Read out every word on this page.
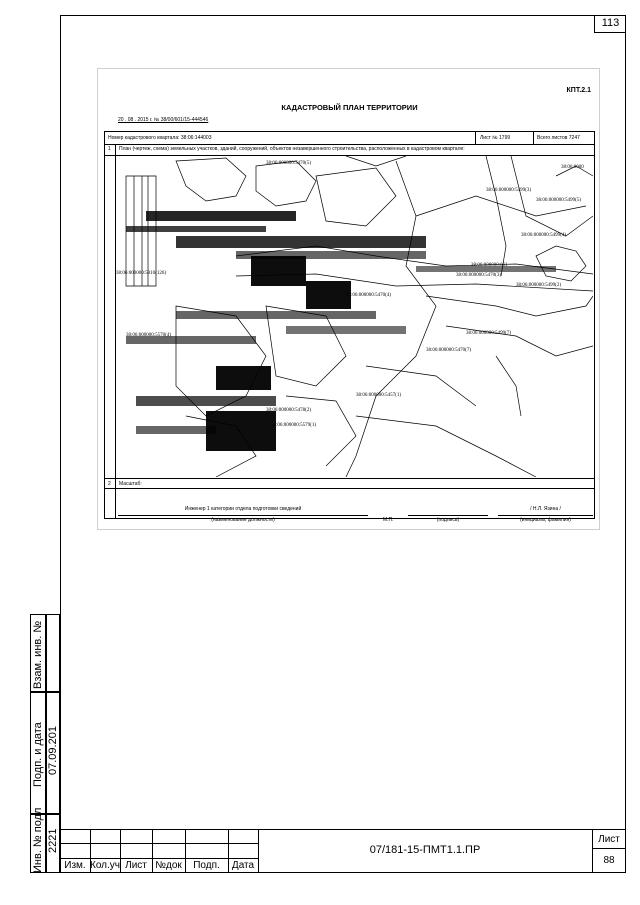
113
Взам. инв. №
Подп. и дата 07.09.201
Инв. № подл 2221
КПТ.2.1
КАДАСТРОВЫЙ ПЛАН ТЕРРИТОРИИ
20 . 08 . 2015 г. № 38/00/601/15-444546
Номер кадастрового квартала: 38:06:144003	Лист № 1799	Всего листов 7247
1 План (чертеж, схема) земельных участков, зданий, сооружений, объектов незавершенного строительства, расположенных в кадастровом квартале:
38:06:000000:5470(5)
38:06:000000:5499(3)
38:06:000000:5499(5)
38:06:0000
38:06:000000:5499(4)
38:06:000000:661
38:06:000000:5470(4)
38:06:000000:5499(2)
38:06:000000:5499(7)
38:06:000000:5470(7)
38:06:000000:5570(4)
38:06:000000:5457(1)
38:06:000000:5478(2)
38:06:000000:5579(1)
38:06:000000:5910(126)	38:06:000000:5470(3)
2 Масштаб:
Инженер 1 категории отдела подготовки сведений
(наименование должности)	М.П.	(подпись)
/ Н.Л. Язина /
(инициалы, фамилия)
Изм. Кол.уч Лист №док	Подп.	Дата
07/181-15-ПМТ1.1.ПР
Лист
88
